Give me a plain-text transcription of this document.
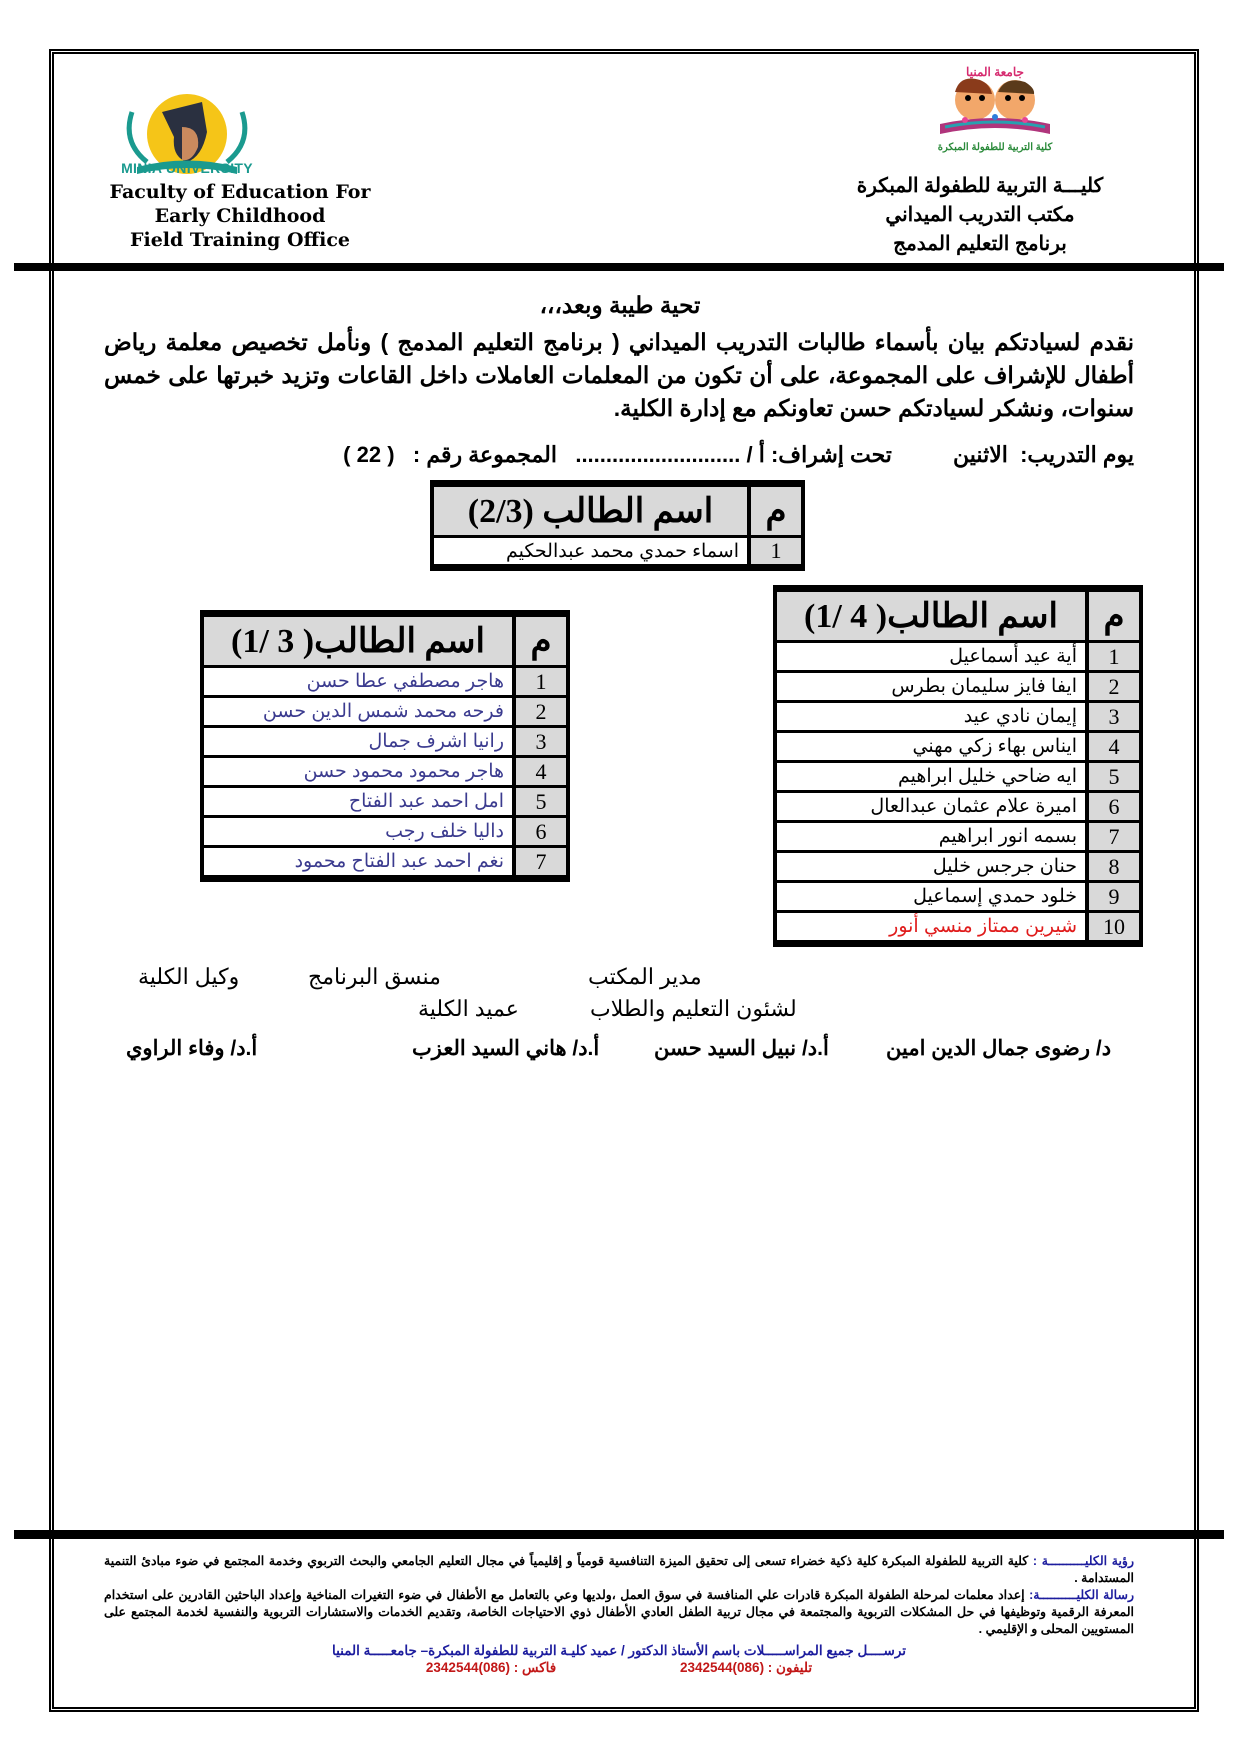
MINIA UNIVERSITY
Faculty of Education For
Early Childhood
Field Training Office
جامعة المنيا
كلية التربية للطفولة المبكرة
كليـــة التربية للطفولة المبكرة
مكتب التدريب الميداني
برنامج التعليم المدمج
تحية طيبة وبعد،،،
نقدم لسيادتكم بيان بأسماء طالبات التدريب الميداني ( برنامج التعليم المدمج ) ونأمل تخصيص معلمة رياض أطفال للإشراف على المجموعة، على أن تكون من المعلمات العاملات داخل القاعات وتزيد خبرتها على خمس سنوات، ونشكر لسيادتكم حسن تعاونكم مع إدارة الكلية.
يوم التدريب:

الاثنين

تحت إشراف: أ /

...........................

المجموعة رقم :

( 22 )
م	اسم الطالب (2/3)
1	اسماء حمدي محمد عبدالحكيم
م	اسم الطالب( 4 /1)
1	أية عيد أسماعيل
2	ايفا فايز سليمان بطرس
3	إيمان نادي عيد
4	ايناس بهاء زكي مهني
5	ايه ضاحي خليل ابراهيم
6	اميرة علام عثمان عبدالعال
7	بسمه انور ابراهيم
8	حنان جرجس خليل
9	خلود حمدي إسماعيل
10	شيرين ممتاز منسي أنور
م	اسم الطالب( 3 /1)
1	هاجر مصطفي عطا حسن
2	فرحه محمد شمس الدين حسن
3	رانيا اشرف جمال
4	هاجر محمود محمود حسن
5	امل احمد عبد الفتاح
6	داليا خلف رجب
7	نغم احمد عبد الفتاح محمود
مدير المكتب
منسق البرنامج
وكيل الكلية
لشئون التعليم والطلاب
عميد الكلية
د/ رضوى جمال الدين امين
أ.د/ نبيل السيد حسن
أ.د/ هاني السيد العزب
أ.د/ وفاء الراوي
رؤية الكليــــــــــة : كلية التربية للطفولة المبكرة كلية ذكية خضراء تسعى إلى تحقيق الميزة التنافسية قومياً و إقليمياً في مجال التعليم الجامعي والبحث التربوي وخدمة المجتمع في ضوء مبادئ التنمية المستدامة .
رسالة الكليــــــــــة: إعداد معلمات لمرحلة الطفولة المبكرة قادرات علي المنافسة في سوق العمل ،ولديها وعي بالتعامل مع الأطفال في ضوء التغيرات المناخية وإعداد الباحثين القادرين على استخدام المعرفة الرقمية وتوظيفها في حل المشكلات التربوية والمجتمعة في مجال تربية الطفل العادي الأطفال ذوي الاحتياجات الخاصة، وتقديم الخدمات والاستشارات التربوية والنفسية لخدمة المجتمع على المستويين المحلى و الإقليمي .
ترســــل جميع المراســـــلات باسم الأستاذ الدكتور / عميد كليـة التربية للطفولة المبكرة– جامعـــــة المنيا
تليفون : (086)2342544 فاكس : (086)2342544
